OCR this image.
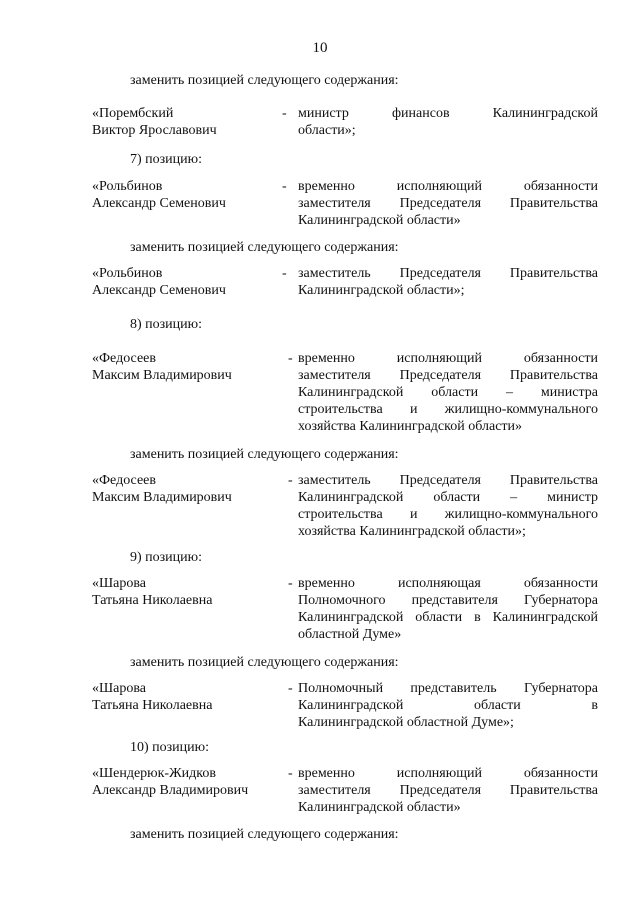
10
заменить позицией следующего содержания:
«Порембский
Виктор Ярославович
- министр финансов Калининградской
области»;
7) позицию:
«Рольбинов
Александр Семенович
- временно исполняющий обязанности
заместителя Председателя Правительства
Калининградской области»
заменить позицией следующего содержания:
«Рольбинов
Александр Семенович
- заместитель Председателя Правительства
Калининградской области»;
8) позицию:
«Федосеев
Максим Владимирович
- временно исполняющий обязанности
заместителя Председателя Правительства
Калининградской области – министра
строительства и жилищно-коммунального
хозяйства Калининградской области»
заменить позицией следующего содержания:
«Федосеев
Максим Владимирович
- заместитель Председателя Правительства
Калининградской области – министр
строительства и жилищно-коммунального
хозяйства Калининградской области»;
9) позицию:
«Шарова
Татьяна Николаевна
- временно исполняющая обязанности
Полномочного представителя Губернатора
Калининградской области в Калининградской
областной Думе»
заменить позицией следующего содержания:
«Шарова
Татьяна Николаевна
- Полномочный представитель Губернатора
Калининградской области в
Калининградской областной Думе»;
10) позицию:
«Шендерюк-Жидков
Александр Владимирович
- временно исполняющий обязанности
заместителя Председателя Правительства
Калининградской области»
заменить позицией следующего содержания:
